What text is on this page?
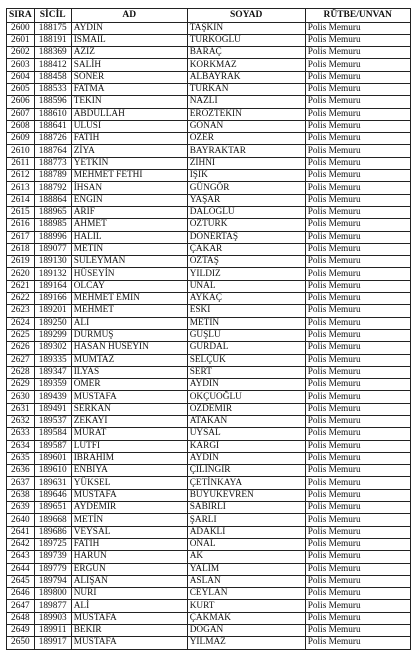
SIRA	SİCİL	AD	SOYAD	RÜTBE/UNVAN
2600	188175	AYDIN	TAŞKIN	Polis Memuru
2601	188191	İSMAİL	TÜRKOĞLU	Polis Memuru
2602	188369	AZİZ	BARAÇ	Polis Memuru
2603	188412	SALİH	KORKMAZ	Polis Memuru
2604	188458	SONER	ALBAYRAK	Polis Memuru
2605	188533	FATMA	TÜRKAN	Polis Memuru
2606	188596	TEKİN	NAZLI	Polis Memuru
2607	188610	ABDULLAH	ERÖZTEKİN	Polis Memuru
2608	188641	ULUSI	GÖNAN	Polis Memuru
2609	188726	FATİH	ÖZER	Polis Memuru
2610	188764	ZİYA	BAYRAKTAR	Polis Memuru
2611	188773	YETKİN	ZİHNİ	Polis Memuru
2612	188789	MEHMET FETHİ	IŞIK	Polis Memuru
2613	188792	İHSAN	GÜNGÖR	Polis Memuru
2614	188864	ENGİN	YAŞAR	Polis Memuru
2615	188965	ARİF	DALOĞLU	Polis Memuru
2616	188985	AHMET	ÖZTÜRK	Polis Memuru
2617	188996	HALİL	DÖNERTAŞ	Polis Memuru
2618	189077	METİN	ÇAKAR	Polis Memuru
2619	189130	SÜLEYMAN	ÖZTAŞ	Polis Memuru
2620	189132	HÜSEYİN	YILDIZ	Polis Memuru
2621	189164	OLCAY	ÜNAL	Polis Memuru
2622	189166	MEHMET EMİN	AYKAÇ	Polis Memuru
2623	189201	MEHMET	ESKİ	Polis Memuru
2624	189250	ALİ	METİN	Polis Memuru
2625	189299	DURMUŞ	GÜŞLÜ	Polis Memuru
2626	189302	HASAN HÜSEYİN	GÜRDAL	Polis Memuru
2627	189335	MÜMTAZ	SELÇUK	Polis Memuru
2628	189347	İLYAS	SERT	Polis Memuru
2629	189359	ÖMER	AYDIN	Polis Memuru
2630	189439	MUSTAFA	OKÇUOĞLU	Polis Memuru
2631	189491	SERKAN	ÖZDEMİR	Polis Memuru
2632	189537	ZEKAYİ	ATAKAN	Polis Memuru
2633	189584	MURAT	UYSAL	Polis Memuru
2634	189587	LÜTFİ	KARGI	Polis Memuru
2635	189601	İBRAHİM	AYDIN	Polis Memuru
2636	189610	ENBİYA	ÇİLİNGİR	Polis Memuru
2637	189631	YÜKSEL	ÇETİNKAYA	Polis Memuru
2638	189646	MUSTAFA	BÜYÜKEVREN	Polis Memuru
2639	189651	AYDEMİR	SABIRLI	Polis Memuru
2640	189668	METİN	ŞARLI	Polis Memuru
2641	189686	VEYSAL	ADAKLI	Polis Memuru
2642	189725	FATİH	ÖNAL	Polis Memuru
2643	189739	HARUN	AK	Polis Memuru
2644	189779	ERGÜN	YALIM	Polis Memuru
2645	189794	ALİŞAN	ASLAN	Polis Memuru
2646	189800	NURİ	CEYLAN	Polis Memuru
2647	189877	ALİ	KURT	Polis Memuru
2648	189903	MUSTAFA	ÇAKMAK	Polis Memuru
2649	189911	BEKİR	DOĞAN	Polis Memuru
2650	189917	MUSTAFA	YILMAZ	Polis Memuru
